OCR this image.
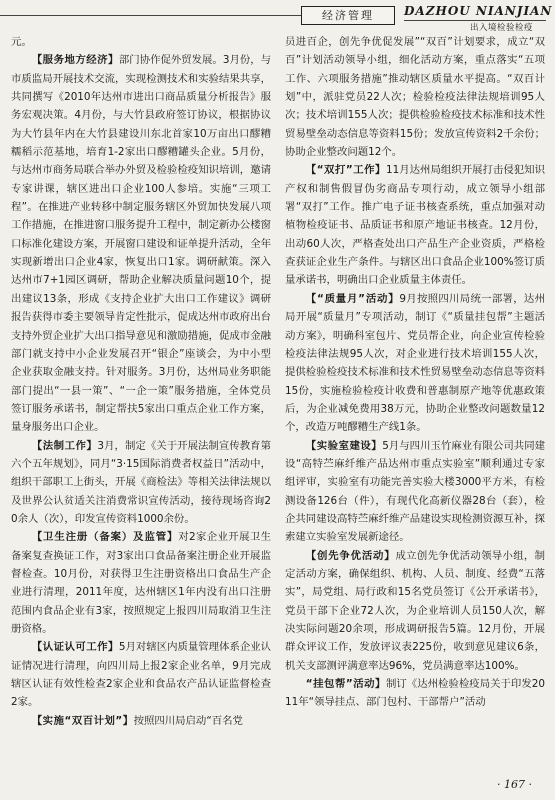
经济管理	DAZHOU NIANJIAN
出入境检验检疫

元。

【服务地方经济】部门协作促外贸发展。3月份，与市质监局开展技术交流，实现检测技术和实验结果共享，共同撰写《2010年达州市进出口商品质量分析报告》服务宏观决策。4月份，与大竹县政府签订协议，根据协议为大竹县年内在大竹县建设川东北首家10万亩出口醪糟糯稻示范基地，培育1-2家出口醪糟罐头企业。5月份，与达州市商务局联合举办外贸及检验检疫知识培训，邀请专家讲课，辖区进出口企业100人参培。实施“三项工程”。在推进产业转移中制定服务辖区外贸加快发展八项工作措施，在推进窗口服务提升工程中，制定新办公楼窗口标准化建设方案，开展窗口建设和证单提升活动，全年实现新增出口企业4家，恢复出口1家。调研献策。深入达州市7+1园区调研，帮助企业解决质量问题10个，提出建议13条，形成《支持企业扩大出口工作建议》调研报告获得市委主要领导肯定性批示，促成达州市政府出台支持外贸企业扩大出口指导意见和激励措施，促成市金融部门就支持中小企业发展召开“银企”座谈会，为中小型企业获取金融支持。针对服务。3月份，达州局业务职能部门提出“一县一策”、“一企一策”服务措施，全体党员签订服务承诺书，制定帮扶5家出口重点企业工作方案，量身服务出口企业。

【法制工作】3月，制定《关于开展法制宣传教育第六个五年规划》，同月“3·15国际消费者权益日”活动中，组织干部职工上街头，开展《商检法》等相关法律法规以及世界公认贫适关注消费常识宣传活动，接待现场咨询20余人（次），印发宣传资料1000余份。

【卫生注册（备案）及监管】对2家企业开展卫生备案复查换证工作，对3家出口食品备案注册企业开展监督检查。10月份，对获得卫生注册资格出口食品生产企业进行清理，2011年度，达州辖区1年内没有出口注册范围内食品企业有3家，按照规定上报四川局取消卫生注册资格。

【认证认可工作】5月对辖区内质量管理体系企业认证情况进行清理，向四川局上报2家企业名单，9月完成辖区认证有效性检查2家企业和食品农产品认证监督检查2家。

【实施“双百计划”】按照四川局启动“百名党

员进百企，创先争优促发展”“双百”计划要求，成立“双百”计划活动领导小组，细化活动方案，重点落实“五项工作、六项服务措施”推动辖区质量水平提高。“双百计划”中，派驻党员22人次；检验检疫法律法规培训95人次；技术培训155人次；提供检验检疫技术标准和技术性贸易壁垒动态信息等资料15份；发放宣传资料2千余份；协助企业整改问题12个。

【“双打”工作】11月达州局组织开展打击侵犯知识产权和制售假冒伪劣商品专项行动，成立领导小组部署“双打”工作。推广电子证书核查系统，重点加强对动植物检疫证书、品质证书和原产地证书核查。12月份，出动60人次，严格查处出口产品生产企业资质，严格检查获证企业生产条件。与辖区出口食品企业100%签订质量承诺书，明确出口企业质量主体责任。

【“质量月”活动】9月按照四川局统一部署，达州局开展“质量月”专项活动，制订《“质量挂包帮”主题活动方案》，明确科室包片、党员帮企业，向企业宣传检验检疫法律法规95人次，对企业进行技术培训155人次，提供检验检疫技术标准和技术性贸易壁垒动态信息等资料15份，实施检验检疫计收费和普惠制原产地等优惠政策后，为企业减免费用38万元，协助企业整改问题数量12个，改造万吨醪糟生产线1条。

【实验室建设】5月与四川玉竹麻业有限公司共同建设“高特苎麻纤维产品达州市重点实验室”顺利通过专家组评审，实验室有功能完善实验大楼3000平方米，有检测设备126台（件），有现代化高新仪器28台（套），检企共同建设高特苎麻纤维产品建设实现检测资源互补，探索建立实验室发展新途径。

【创先争优活动】成立创先争优活动领导小组，制定活动方案，确保组织、机构、人员、制度、经费“五落实”，局党组、局行政和15名党员签订《公开承诺书》，党员干部下企业72人次，为企业培训人员150人次，解决实际问题20余项，形成调研报告5篇。12月份，开展群众评议工作，发放评议表225份，收到意见建议6条，机关支部测评满意率达96%，党员满意率达100%。

“挂包帮”活动】制订《达州检验检疫局关于印发2011年“领导挂点、部门包村、干部帮户”活动

· 167 ·
